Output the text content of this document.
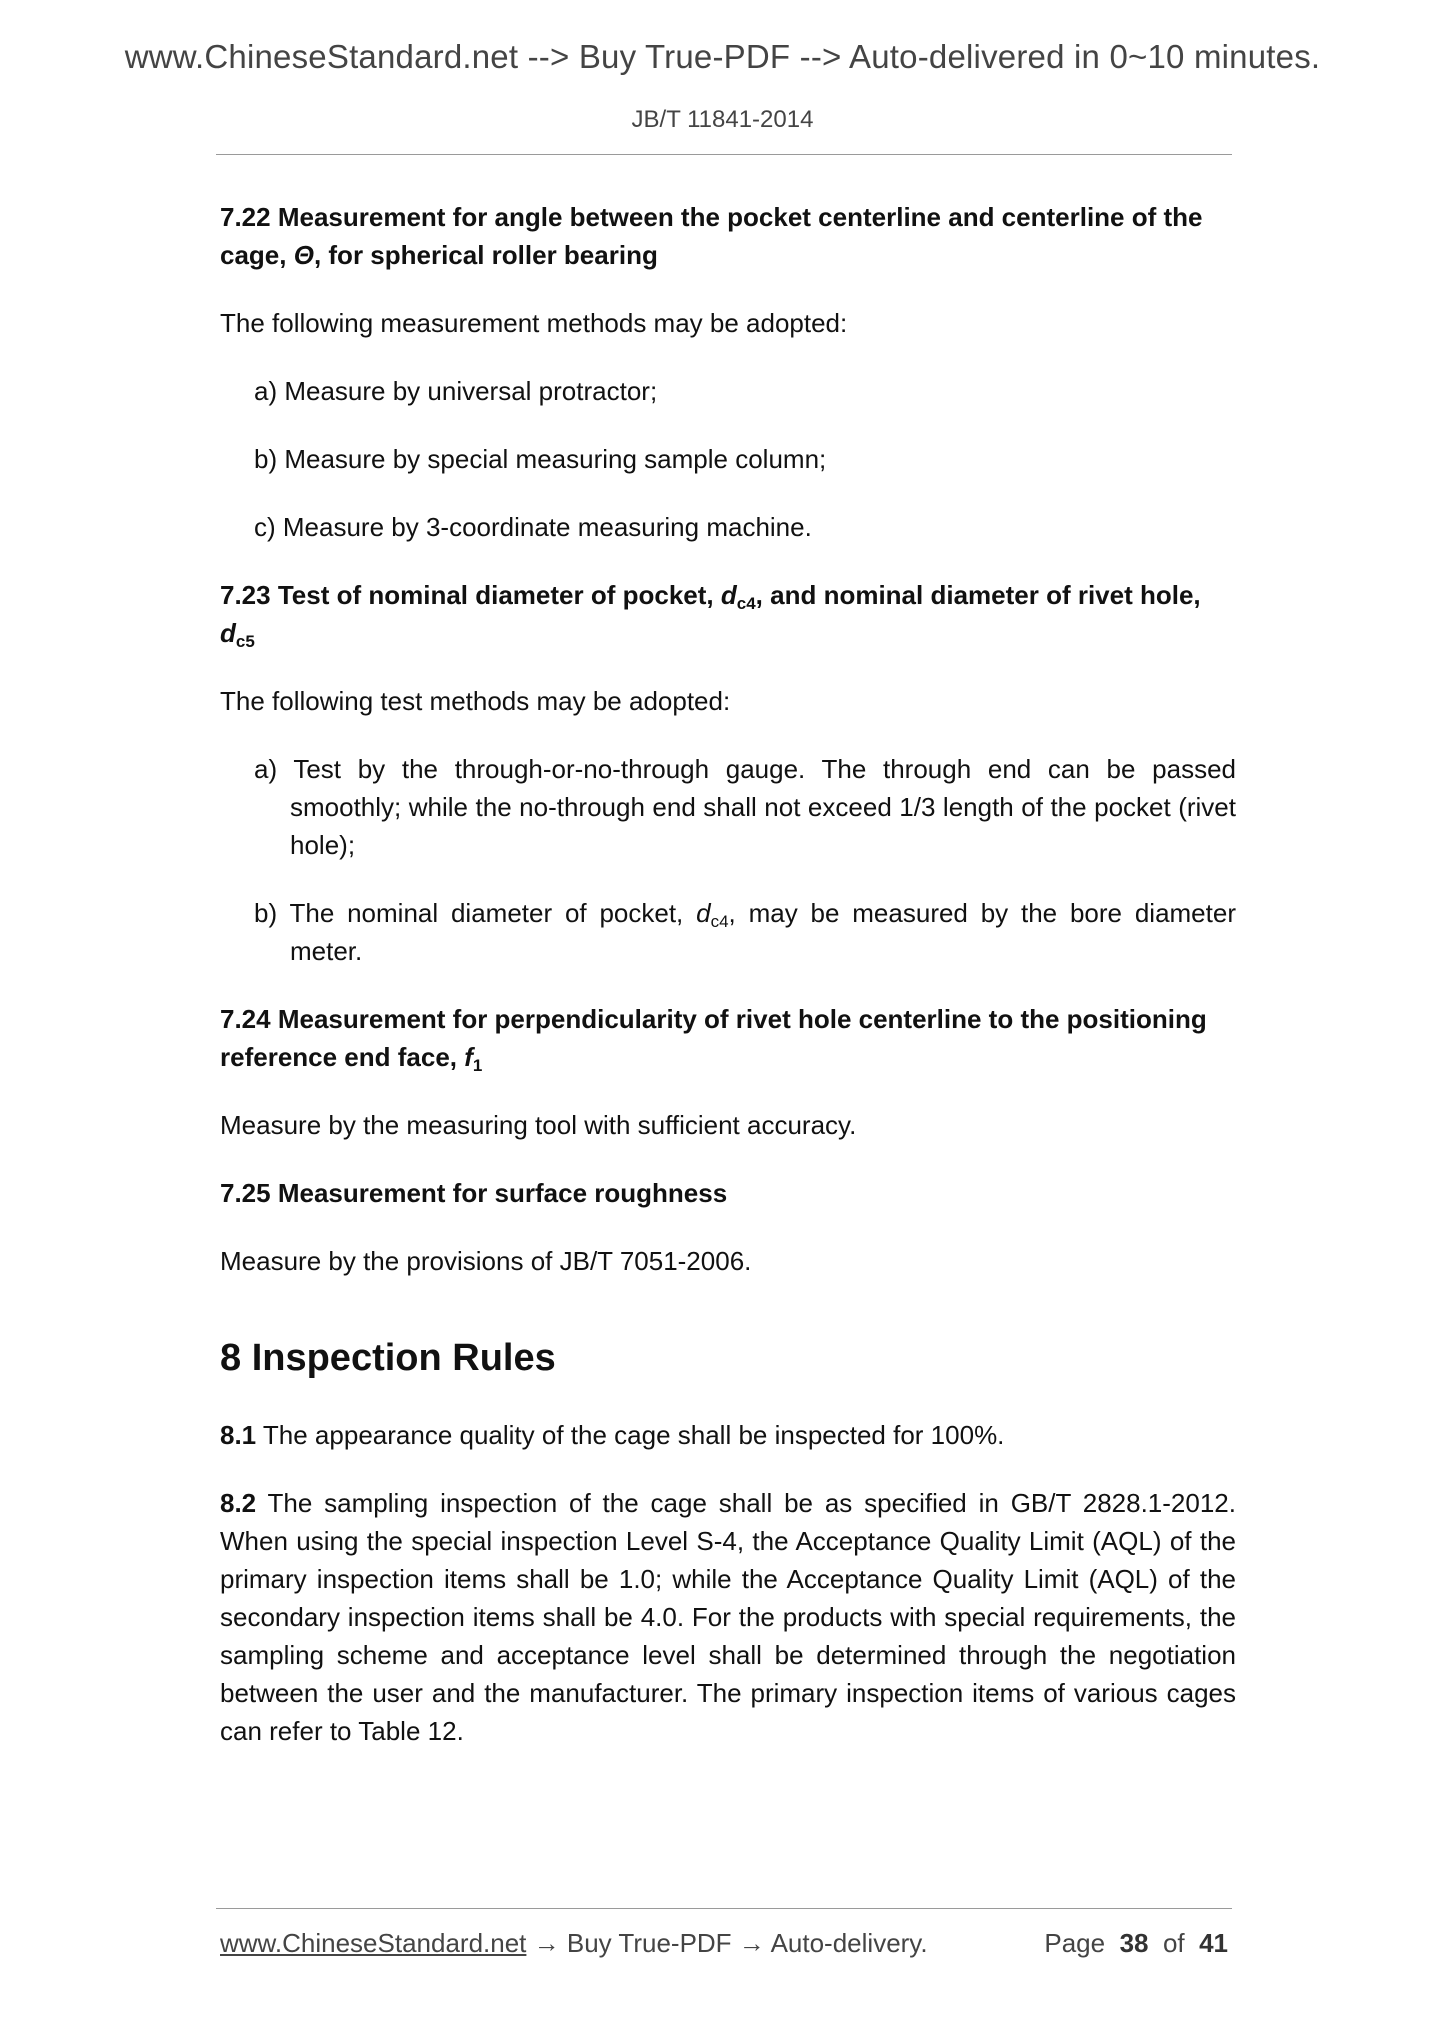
www.ChineseStandard.net --> Buy True-PDF --> Auto-delivered in 0~10 minutes.
JB/T 11841-2014
7.22 Measurement for angle between the pocket centerline and centerline of the cage, Θ, for spherical roller bearing
The following measurement methods may be adopted:
a) Measure by universal protractor;
b) Measure by special measuring sample column;
c) Measure by 3-coordinate measuring machine.
7.23 Test of nominal diameter of pocket, $d_{c4}$, and nominal diameter of rivet hole, $d_{c5}$
The following test methods may be adopted:
a) Test by the through-or-no-through gauge. The through end can be passed smoothly; while the no-through end shall not exceed 1/3 length of the pocket (rivet hole);
b) The nominal diameter of pocket, $d_{c4}$, may be measured by the bore diameter meter.
7.24 Measurement for perpendicularity of rivet hole centerline to the positioning reference end face, $f_1$
Measure by the measuring tool with sufficient accuracy.
7.25 Measurement for surface roughness
Measure by the provisions of JB/T 7051-2006.
8 Inspection Rules
8.1 The appearance quality of the cage shall be inspected for 100%.
8.2 The sampling inspection of the cage shall be as specified in GB/T 2828.1-2012. When using the special inspection Level S-4, the Acceptance Quality Limit (AQL) of the primary inspection items shall be 1.0; while the Acceptance Quality Limit (AQL) of the secondary inspection items shall be 4.0. For the products with special requirements, the sampling scheme and acceptance level shall be determined through the negotiation between the user and the manufacturer. The primary inspection items of various cages can refer to Table 12.
www.ChineseStandard.net → Buy True-PDF → Auto-delivery.	Page 38 of 41
